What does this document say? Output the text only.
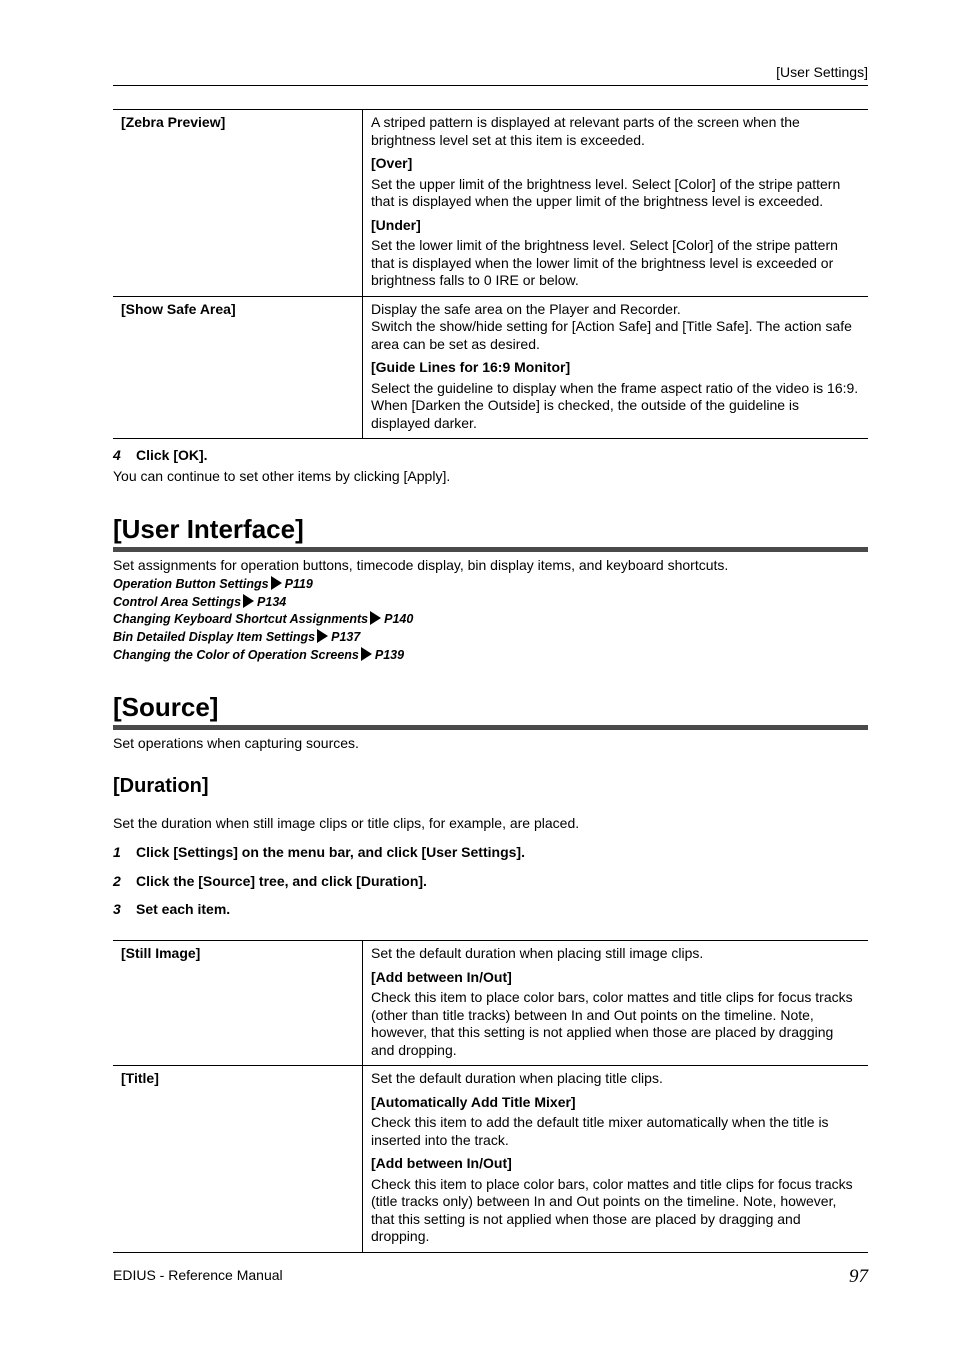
[User Settings]
[Zebra Preview]	A striped pattern is displayed at relevant parts of the screen when the brightness level set at this item is exceeded.

[Over]

Set the upper limit of the brightness level. Select [Color] of the stripe pattern that is displayed when the upper limit of the brightness level is exceeded.

[Under]

Set the lower limit of the brightness level. Select [Color] of the stripe pattern that is displayed when the lower limit of the brightness level is exceeded or brightness falls to 0 IRE or below.

[Show Safe Area]	Display the safe area on the Player and Recorder.

Switch the show/hide setting for [Action Safe] and [Title Safe]. The action safe area can be set as desired.

[Guide Lines for 16:9 Monitor]

Select the guideline to display when the frame aspect ratio of the video is 16:9. When [Darken the Outside] is checked, the outside of the guideline is displayed darker.

4 Click [OK].
You can continue to set other items by clicking [Apply].
[User Interface]
Set assignments for operation buttons, timecode display, bin display items, and keyboard shortcuts.
Operation Button Settings P119
Control Area Settings P134
Changing Keyboard Shortcut Assignments P140
Bin Detailed Display Item Settings P137
Changing the Color of Operation Screens P139
[Source]
Set operations when capturing sources.
[Duration]
Set the duration when still image clips or title clips, for example, are placed.
1 Click [Settings] on the menu bar, and click [User Settings].
2 Click the [Source] tree, and click [Duration].
3 Set each item.
[Still Image]	Set the default duration when placing still image clips.

[Add between In/Out]

Check this item to place color bars, color mattes and title clips for focus tracks (other than title tracks) between In and Out points on the timeline. Note, however, that this setting is not applied when those are placed by dragging and dropping.

[Title]	Set the default duration when placing title clips.

[Automatically Add Title Mixer]

Check this item to add the default title mixer automatically when the title is inserted into the track.

[Add between In/Out]

Check this item to place color bars, color mattes and title clips for focus tracks (title tracks only) between In and Out points on the timeline. Note, however, that this setting is not applied when those are placed by dragging and dropping.

EDIUS - Reference Manual	97
